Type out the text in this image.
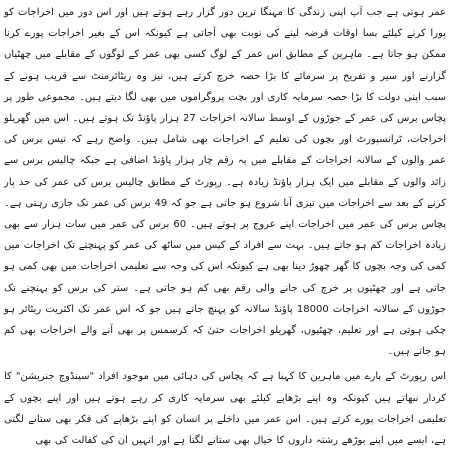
عمر ہوتی ہے جب آپ اپنی زندگی کا مہنگا ترین دور گزار رہے ہوتے ہیں اور اس دور میں اخراجات کو پورا کرنے کیلئے بسا اوقات قرضہ لینے کی نوبت بھی آجاتی ہے کیونکہ اس کے بغیر اخراجات پورے کرنا ممکن ہو جاتا ہے۔ ماہرین کے مطابق اس عمر کے لوگ کسی بھی عمر کے لوگوں کے مقابلے میں چھٹیاں گزارنے اور سیر و تفریح پر سرمائے کا بڑا حصہ خرچ کرتے ہیں، نیز وہ ریٹائرمنٹ سے قریب ہونے کے سبب اپنی دولت کا بڑا حصہ سرمایہ کاری اور بچت پروگراموں میں بھی لگا دیتے ہیں۔ مجموعی طور پر پچاس برس کی عمر کے جوڑوں کے اوسط سالانہ اخراجات 27 ہزار پاؤنڈ تک ہوتے ہیں۔ اس میں گھریلو اخراجات، ٹرانسپورٹ اور بچوں کی تعلیم کے اخراجات بھی شامل ہیں۔ واضح رہے کہ تیس برس کی عمر والوں کے سالانہ اخراجات کے مقابلے میں یہ رقم چار ہزار پاؤنڈ اضافی ہے جبکہ چالیس برس سے زائد والوں کے مقابلے میں ایک ہزار پاؤنڈ زیادہ ہے۔ رپورٹ کے مطابق چالیس برس کی عمر کی حد پار کرنے کے بعد سے اخراجات میں تیزی آنا شروع ہو جاتی ہے جو کہ 49 برس کی عمر تک جاری رہتی ہے۔ پچاس برس کی عمر میں اخراجات اپنے عروج پر ہوتے ہیں۔ 60 برس کی عمر میں سات ہزار سے بھی زیادہ اخراجات کم ہو جاتے ہیں۔ بہت سے افراد کے کیس میں ساٹھ کی عمر کو پہنچتے تک اخراجات میں کمی کی وجہ بچوں کا گھر چھوڑ دینا بھی ہے کیونکہ اس کی وجہ سے تعلیمی اخراجات میں بھی کمی ہو جاتی ہے اور چھٹیوں پر خرچ کی جانے والی رقم بھی کم ہو جاتی ہے۔ ستر کی برس کو پہنچنے تک جوڑوں کے سالانہ اخراجات 18000 پاؤنڈ سالانہ کو پہنچ جاتے ہیں جو کہ اس عمر تک اکثریت ریٹائر ہو چکی ہوتی ہے اور تعلیم، چھٹیوں، گھریلو اخراجات حتیٰ کہ کرسمس پر بھی آنے والے اخراجات بھی کم ہو جاتے ہیں۔

اس رپورٹ کے بارے میں ماہرین کا کہنا ہے کہ پچاس کی دہائی میں موجود افراد "سینڈوچ جنریشن" کا کردار نبھاتے ہیں کیونکہ وہ اپنے بڑھاپے کیلئے بھی سرمایہ کاری کر رہے ہوتے ہیں اور اپنے بچوں کے تعلیمی اخراجات پورے کرتے ہیں۔ اس عمر میں داخلے پر انسان کو اپنے بڑھاپے کی فکر بھی ستانے لگتی ہے، ایسے میں اپنے بوڑھے رشتہ داروں کا خیال بھی ستانے لگتا ہے اور انہیں ان کی کفالت کی بھی
